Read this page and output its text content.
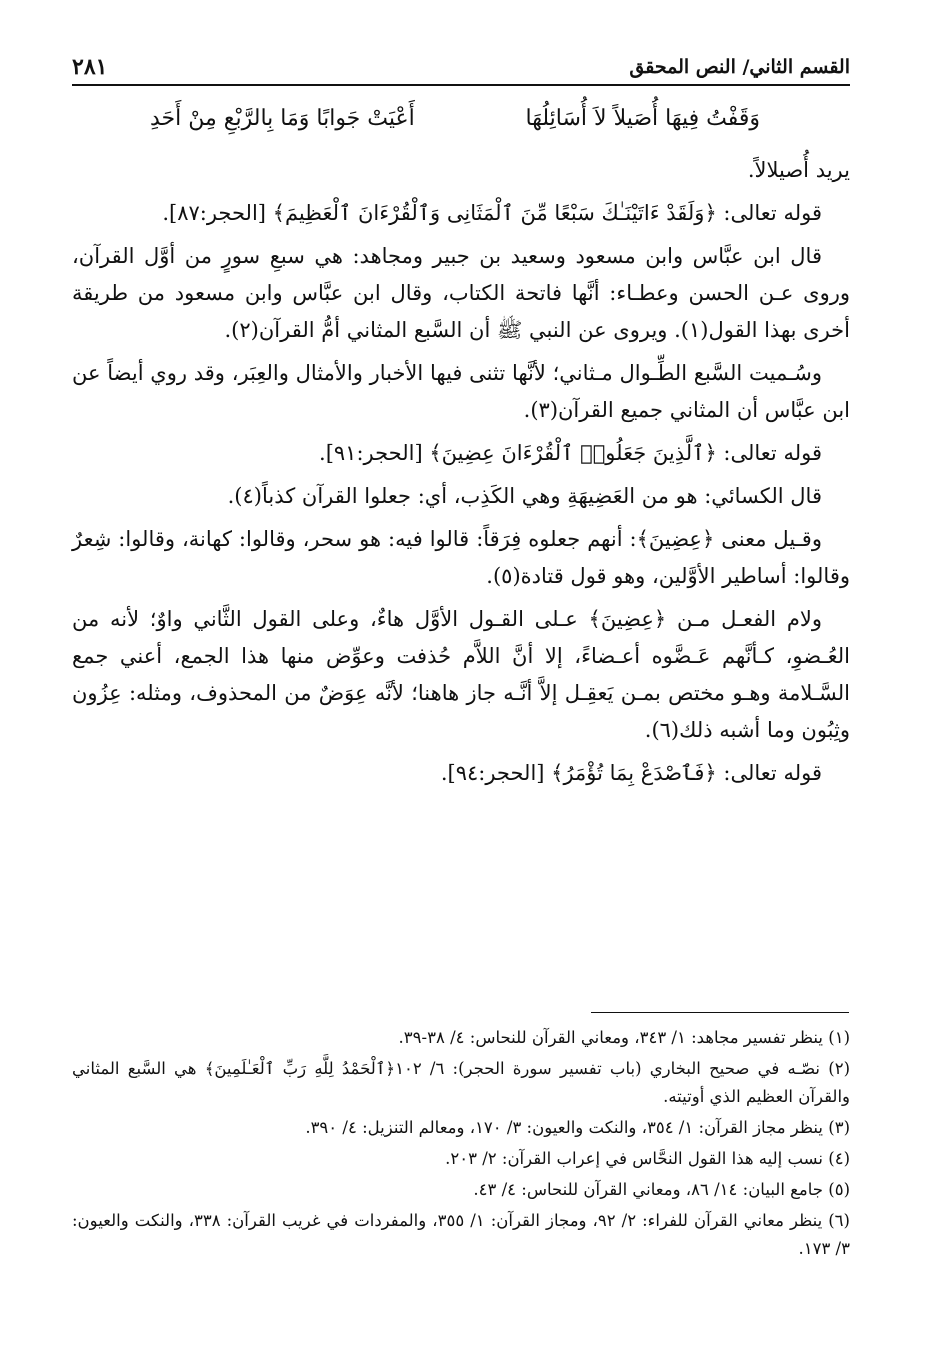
القسم الثاني/ النص المحقق
٢٨١
وَقَفْتُ فِيهَا أُصَيلاً لاَ أُسَائِلُهَا
أَعْيَتْ جَوابًا وَمَا بِالرَّبْعِ مِنْ أَحَدِ

يريد أُصيلالاً.

قوله تعالى: ﴿وَلَقَدْ ءَاتَيْنَـٰكَ سَبْعًا مِّنَ ٱلْمَثَانِى وَٱلْقُرْءَانَ ٱلْعَظِيمَ﴾ [الحجر:٨٧].

قال ابن عبَّاس وابن مسعود وسعيد بن جبير ومجاهد: هي سبعِ سورٍ من أوَّل القرآن، وروى عـن الحسن وعطـاء: أنَّها فاتحة الكتاب، وقال ابن عبَّاس وابن مسعود من طريقة أخرى بهذا القول(١). ويروى عن النبي ﷺ أن السَّبع المثاني أمُّ القرآن(٢).

وسُـميت السَّبع الطِّـوال مـثاني؛ لأنَّها تثنى فيها الأخبار والأمثال والعِبَر، وقد روي أيضاً عن ابن عبَّاس أن المثاني جميع القرآن(٣).

قوله تعالى: ﴿ٱلَّذِينَ جَعَلُوا۟ ٱلْقُرْءَانَ عِضِينَ﴾ [الحجر:٩١].

قال الكسائي: هو من العَضِيهَةِ وهي الكَذِب، أي: جعلوا القرآن كذباً(٤).

وقـيل معنى ﴿عِضِينَ﴾: أنهم جعلوه فِرَقاً: قالوا فيه: هو سحر، وقالوا: كهانة، وقالوا: شِعرٌ وقالوا: أساطير الأوَّلين، وهو قول قتادة(٥).

ولام الفعـل مـن ﴿عِضِينَ﴾ عـلى القـول الأوَّل هاءٌ، وعلى القول الثَّاني واوٌ؛ لأنه من العُـضوِ، كـأنَّهم عَـضَّوه أعـضاءً، إلا أنَّ اللاَّم حُذفت وعوِّض منها هذا الجمع، أعني جمع السَّـلامة وهـو مختص بمـن يَعقِـل إلاَّ أنَّـه جاز هاهنا؛ لأنَّه عِوَضٌ من المحذوف، ومثله: عِزُون وثِبُون وما أشبه ذلك(٦).

قوله تعالى: ﴿فَٱصْدَعْ بِمَا تُؤْمَرُ﴾ [الحجر:٩٤].

(١) ينظر تفسير مجاهد: ١/ ٣٤٣، ومعاني القرآن للنحاس: ٤/ ٣٨-٣٩.

(٢) نصّـه في صحيح البخاري (باب تفسير سورة الحجر): ٦/ ١٠٢﴿ٱلْحَمْدُ لِلَّهِ رَبِّ ٱلْعَـٰلَمِينَ﴾ هي السَّبع المثاني والقرآن العظيم الذي أوتيته.

(٣) ينظر مجاز القرآن: ١/ ٣٥٤، والنكت والعيون: ٣/ ١٧٠، ومعالم التنزيل: ٤/ ٣٩٠.

(٤) نسب إليه هذا القول النحَّاس في إعراب القرآن: ٢/ ٢٠٣.

(٥) جامع البيان: ١٤/ ٨٦، ومعاني القرآن للنحاس: ٤/ ٤٣.

(٦) ينظر معاني القرآن للفراء: ٢/ ٩٢، ومجاز القرآن: ١/ ٣٥٥، والمفردات في غريب القرآن: ٣٣٨، والنكت والعيون: ٣/ ١٧٣.
